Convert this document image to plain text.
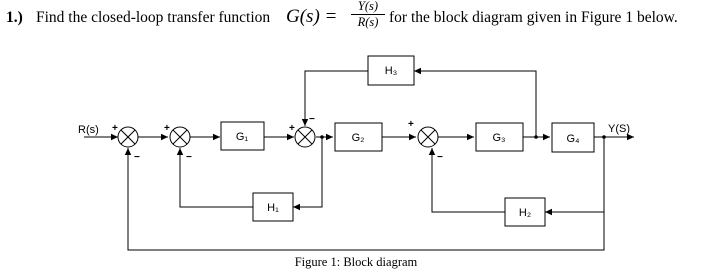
1.) Find the closed-loop transfer function G(s) =	Y(s)
R(s) for the block diagram given in Figure 1 below.
G₁	G₂	G₃	G₄
H₃
H₁	H₂
R(s)	Y(S)
+
−
+
−
+
−	+
−
Figure 1: Block diagram
